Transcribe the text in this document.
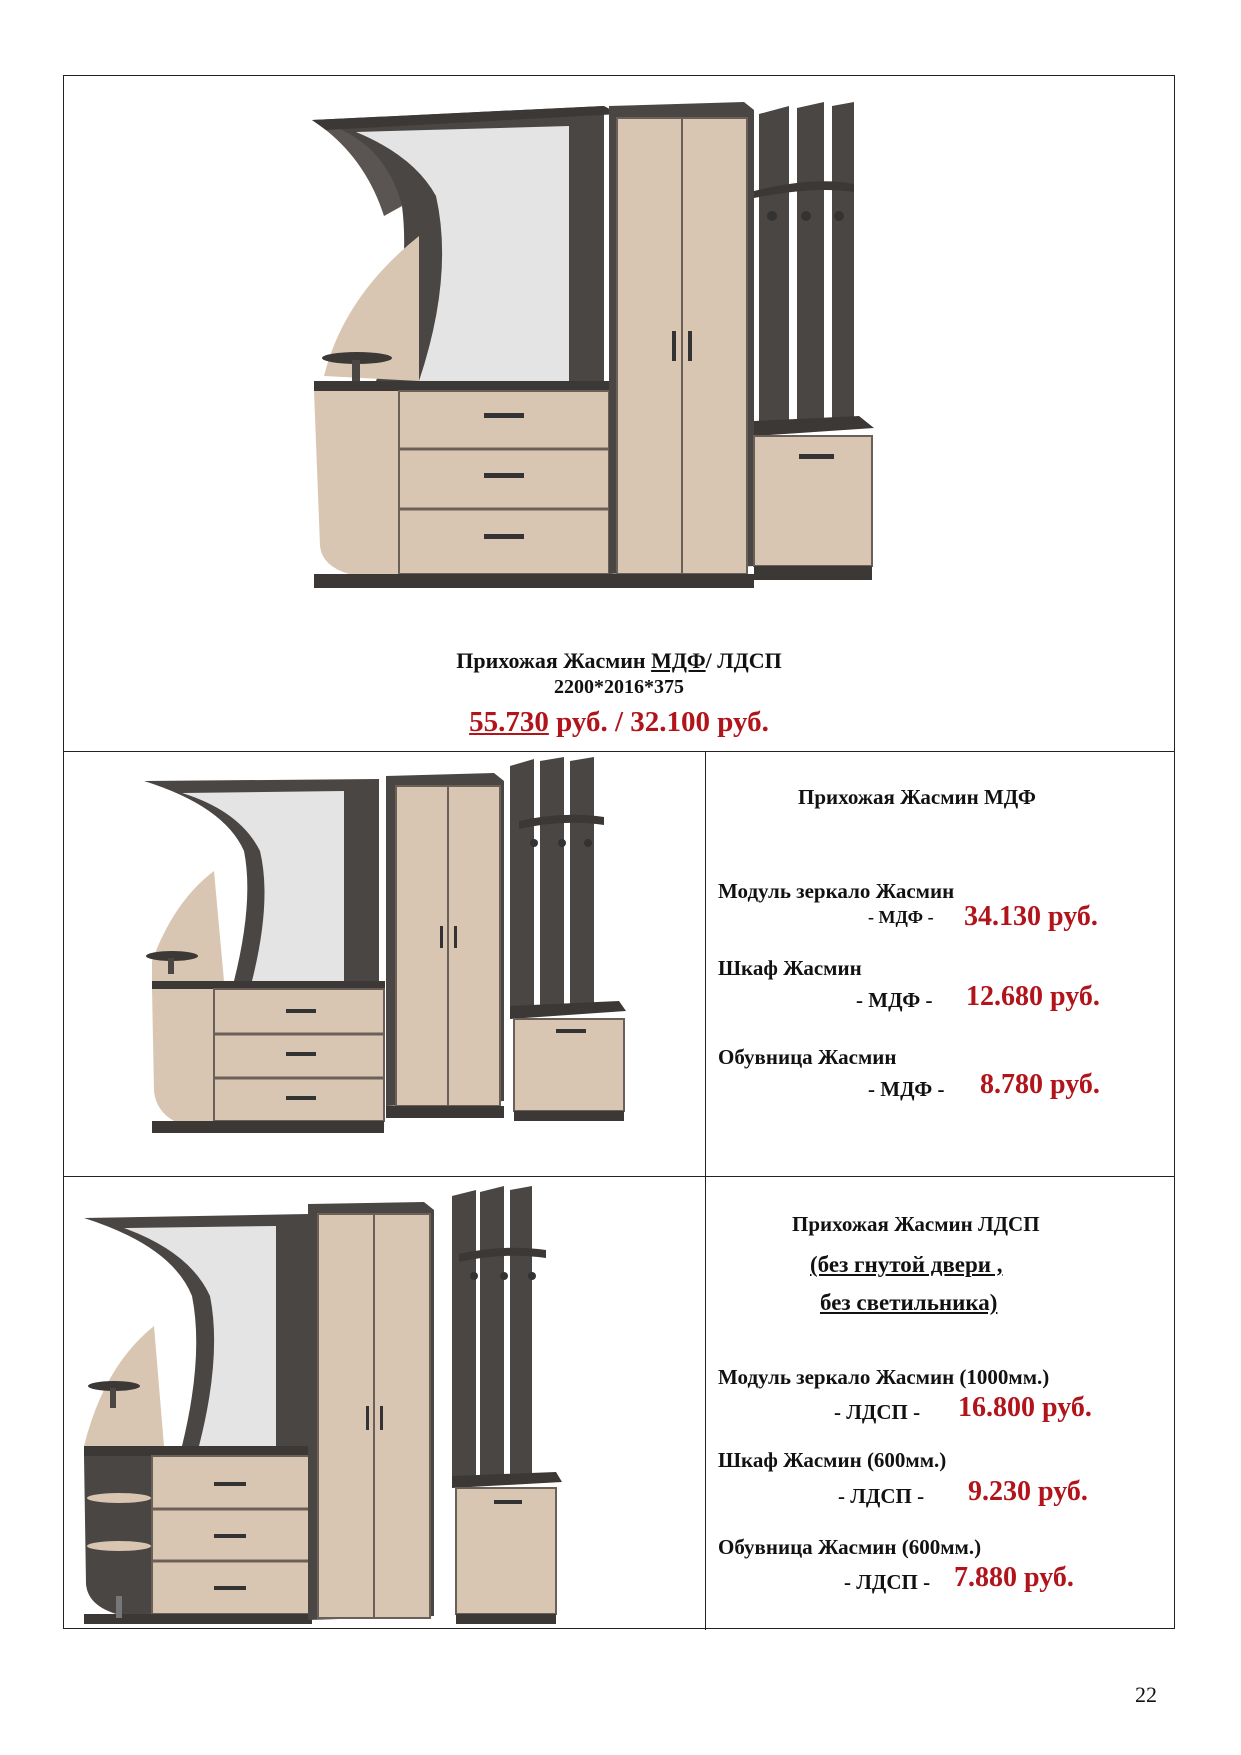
Прихожая Жасмин МДФ/ ЛДСП
2200*2016*375
55.730 руб. / 32.100 руб.
Прихожая Жасмин МДФ
Модуль зеркало Жасмин
- МДФ - 34.130 руб.
Шкаф Жасмин
- МДФ - 12.680 руб.
Обувница Жасмин
- МДФ - 8.780 руб.
Прихожая Жасмин ЛДСП
(без гнутой двери ,
без светильника)
Модуль зеркало Жасмин (1000мм.)
- ЛДСП - 16.800 руб.
Шкаф Жасмин (600мм.)
- ЛДСП - 9.230 руб.
Обувница Жасмин (600мм.)
- ЛДСП - 7.880 руб.
22
